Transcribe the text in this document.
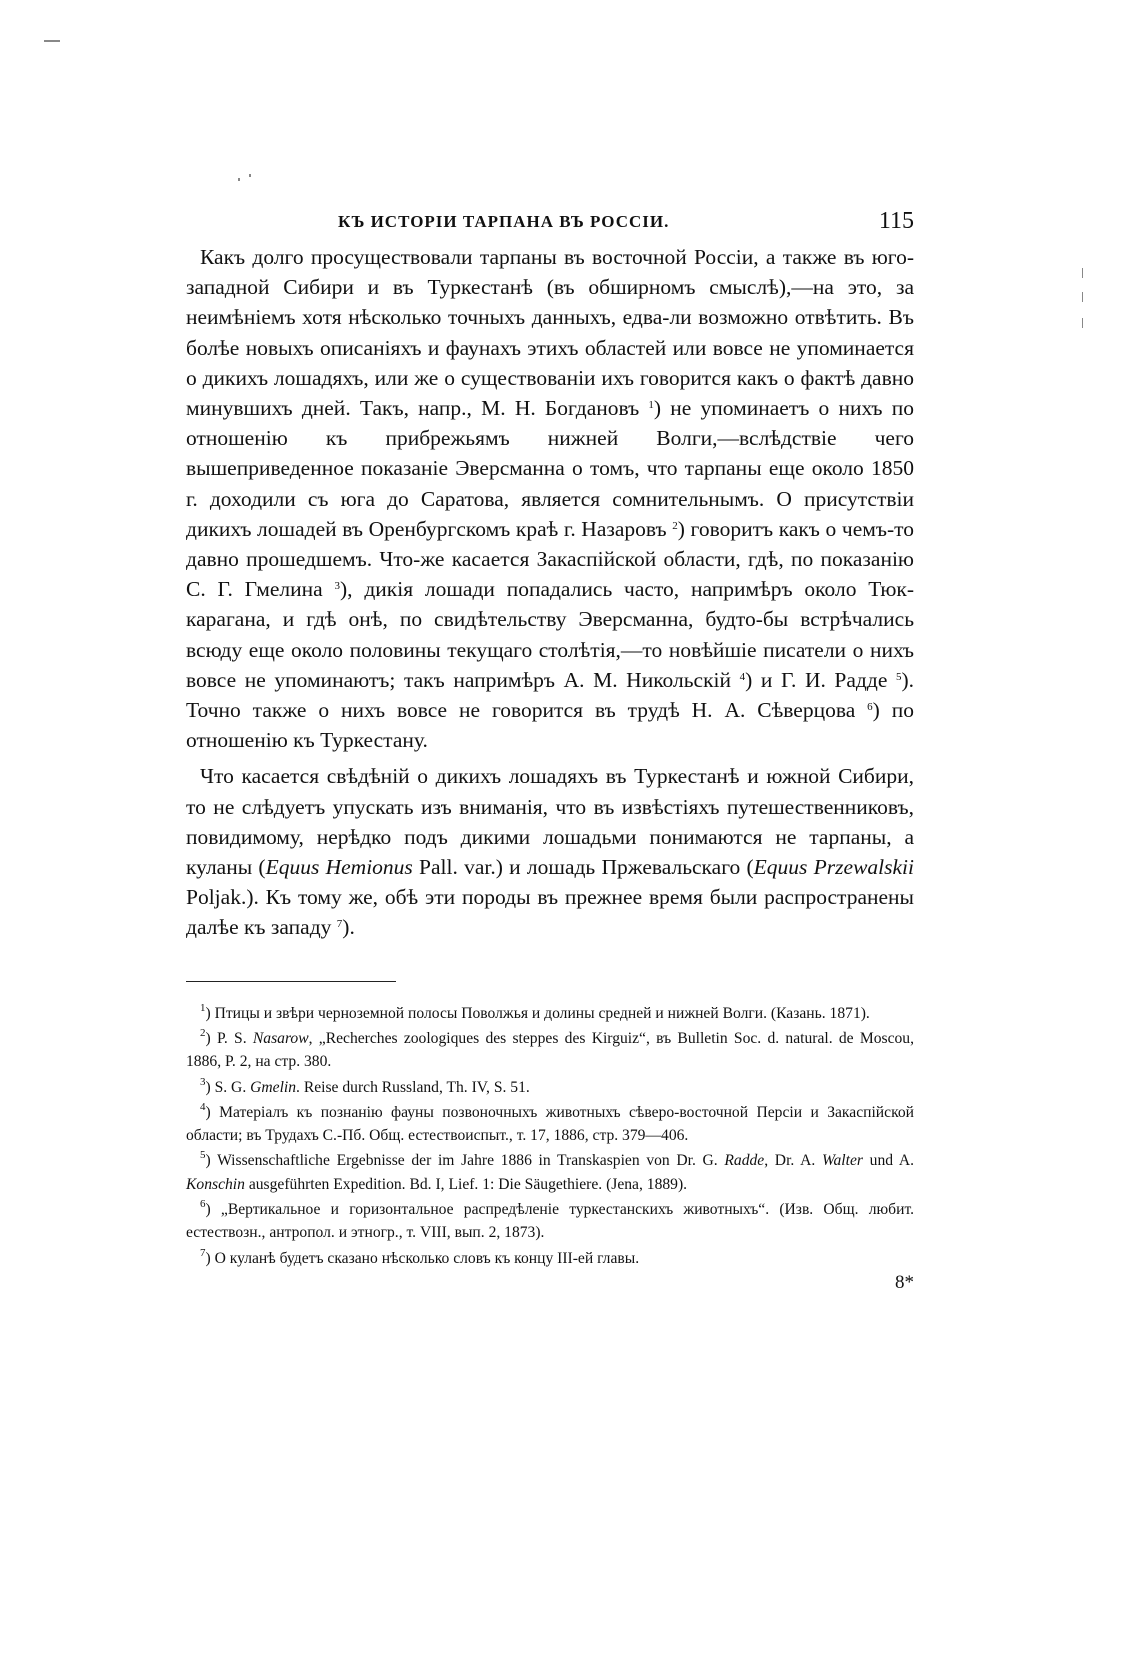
КЪ ИСТОРІИ ТАРПАНА ВЪ РОССІИ.	115

Какъ долго просуществовали тарпаны въ восточной Россіи, а также въ юго-западной Сибири и въ Туркестанѣ (въ обширномъ смыслѣ),—на это, за неимѣніемъ хотя нѣсколько точныхъ данныхъ, едва-ли возможно отвѣтить. Въ болѣе новыхъ описаніяхъ и фаунахъ этихъ областей или вовсе не упоминается о дикихъ лошадяхъ, или же о существованіи ихъ говорится какъ о фактѣ давно минувшихъ дней. Такъ, напр., М. Н. Богдановъ $^1$) не упоминаетъ о нихъ по отношенію къ прибрежьямъ нижней Волги,—вслѣдствіе чего вышеприведенное показаніе Эверсманна о томъ, что тарпаны еще около 1850 г. доходили съ юга до Саратова, является сомнительнымъ. О присутствіи дикихъ лошадей въ Оренбургскомъ краѣ г. Назаровъ $^2$) говоритъ какъ о чемъ-то давно прошедшемъ. Что-же касается Закаспійской области, гдѣ, по показанію С. Г. Гмелина $^3$), дикія лошади попадались часто, напримѣръ около Тюк-карагана, и гдѣ онѣ, по свидѣтельству Эверсманна, будто-бы встрѣчались всюду еще около половины текущаго столѣтія,—то новѣйшіе писатели о нихъ вовсе не упоминаютъ; такъ напримѣръ А. М. Никольскій $^4$) и Г. И. Радде $^5$). Точно также о нихъ вовсе не говорится въ трудѣ Н. А. Сѣверцова $^6$) по отношенію къ Туркестану.

Что касается свѣдѣній о дикихъ лошадяхъ въ Туркестанѣ и южной Сибири, то не слѣдуетъ упускать изъ вниманія, что въ извѣстіяхъ путешественниковъ, повидимому, нерѣдко подъ дикими лошадьми понимаются не тарпаны, а куланы (Equus Hemionus Pall. var.) и лошадь Пржевальскаго (Equus Przewalskii Poljak.). Къ тому же, обѣ эти породы въ прежнее время были распространены далѣе къ западу $^7$).

$^1$) Птицы и звѣри черноземной полосы Поволжья и долины средней и нижней Волги. (Казань. 1871).

$^2$) P. S. Nasarow, „Recherches zoologiques des steppes des Kirguiz“, въ Bulletin Soc. d. natural. de Moscou, 1886, P. 2, на стр. 380.

$^3$) S. G. Gmelin. Reise durch Russland, Th. IV, S. 51.

$^4$) Матеріалъ къ познанію фауны позвоночныхъ животныхъ сѣверо-восточной Персіи и Закаспійской области; въ Трудахъ С.-Пб. Общ. естествоиспыт., т. 17, 1886, стр. 379—406.

$^5$) Wissenschaftliche Ergebnisse der im Jahre 1886 in Transkaspien von Dr. G. Radde, Dr. A. Walter und A. Konschin ausgeführten Expedition. Bd. I, Lief. 1: Die Säugethiere. (Jena, 1889).

$^6$) „Вертикальное и горизонтальное распредѣленіе туркестанскихъ животныхъ“. (Изв. Общ. любит. естествозн., антропол. и этногр., т. VIII, вып. 2, 1873).

$^7$) О куланѣ будетъ сказано нѣсколько словъ къ концу III-ей главы.

8*
